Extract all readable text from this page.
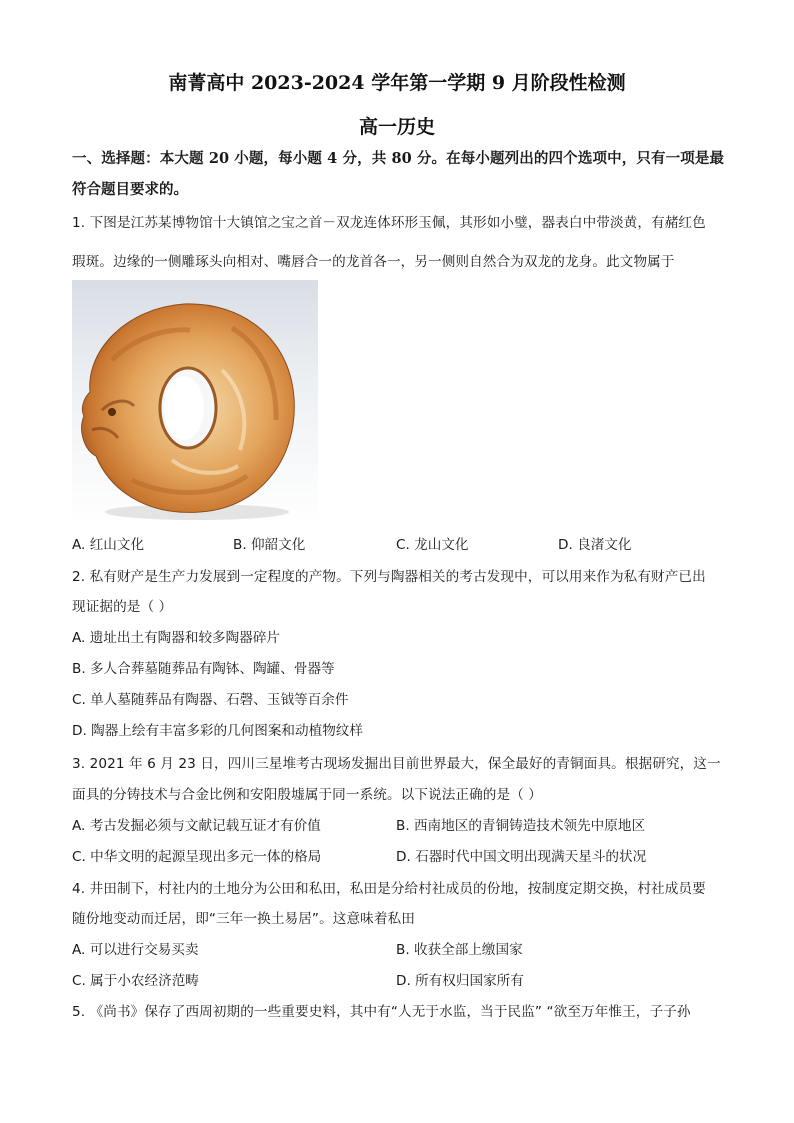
南菁高中 2023-2024 学年第一学期 9 月阶段性检测
高一历史
一、选择题：本大题 20 小题，每小题 4 分，共 80 分。在每小题列出的四个选项中，只有一项是最符合题目要求的。
1. 下图是江苏某博物馆十大镇馆之宝之首－双龙连体环形玉佩，其形如小璧，器表白中带淡黄，有赭红色
瑕斑。边缘的一侧雕琢头向相对、嘴唇合一的龙首各一，另一侧则自然合为双龙的龙身。此文物属于
A. 红山文化	B. 仰韶文化	C. 龙山文化	D. 良渚文化
2. 私有财产是生产力发展到一定程度的产物。下列与陶器相关的考古发现中，可以用来作为私有财产已出
现证据的是（ ）
A. 遗址出土有陶器和较多陶器碎片
B. 多人合葬墓随葬品有陶钵、陶罐、骨器等
C. 单人墓随葬品有陶器、石磬、玉钺等百余件
D. 陶器上绘有丰富多彩的几何图案和动植物纹样
3. 2021 年 6 月 23 日，四川三星堆考古现场发掘出目前世界最大，保全最好的青铜面具。根据研究，这一
面具的分铸技术与合金比例和安阳殷墟属于同一系统。以下说法正确的是（ ）
A. 考古发掘必须与文献记载互证才有价值	B. 西南地区的青铜铸造技术领先中原地区
C. 中华文明的起源呈现出多元一体的格局	D. 石器时代中国文明出现满天星斗的状况
4. 井田制下，村社内的土地分为公田和私田，私田是分给村社成员的份地，按制度定期交换，村社成员要
随份地变动而迁居，即“三年一换土易居”。这意味着私田
A. 可以进行交易买卖	B. 收获全部上缴国家
C. 属于小农经济范畴	D. 所有权归国家所有
5. 《尚书》保存了西周初期的一些重要史料，其中有“人无于水监，当于民监” “欲至万年惟王，子子孙
